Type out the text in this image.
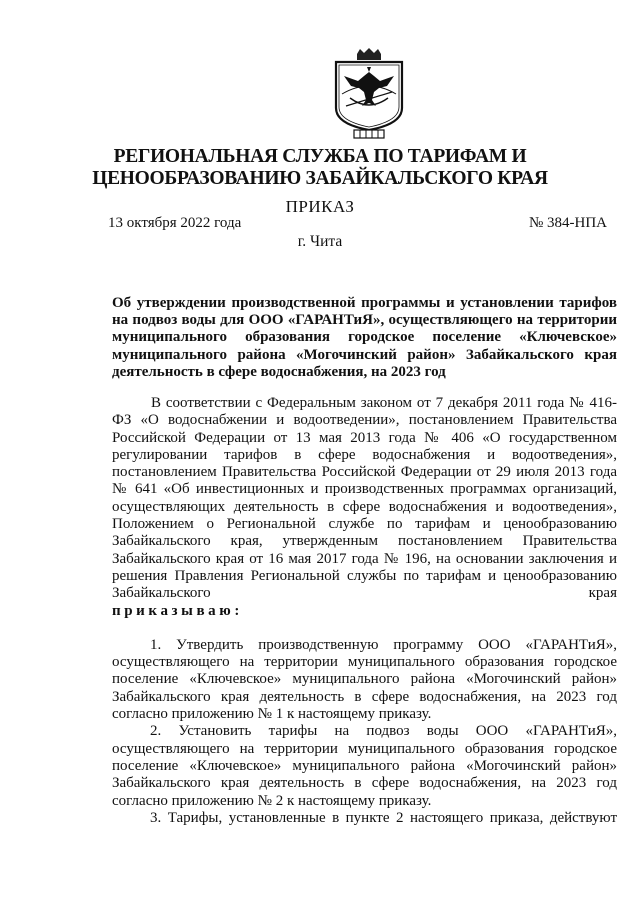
РЕГИОНАЛЬНАЯ СЛУЖБА ПО ТАРИФАМ И
ЦЕНООБРАЗОВАНИЮ ЗАБАЙКАЛЬСКОГО КРАЯ
ПРИКАЗ
13 октября 2022 года	№ 384-НПА
г. Чита

Об утверждении производственной программы и установлении тарифов на подвоз воды для ООО «ГАРАНТиЯ», осуществляющего на территории муниципального образования городское поселение «Ключевское» муниципального района «Могочинский район» Забайкальского края деятельность в сфере водоснабжения, на 2023 год

В соответствии с Федеральным законом от 7 декабря 2011 года № 416-ФЗ «О водоснабжении и водоотведении», постановлением Правительства Российской Федерации от 13 мая 2013 года № 406 «О государственном регулировании тарифов в сфере водоснабжения и водоотведения», постановлением Правительства Российской Федерации от 29 июля 2013 года № 641 «Об инвестиционных и производственных программах организаций, осуществляющих деятельность в сфере водоснабжения и водоотведения», Положением о Региональной службе по тарифам и ценообразованию Забайкальского края, утвержденным постановлением Правительства Забайкальского края от 16 мая 2017 года № 196, на основании заключения и решения Правления Региональной службы по тарифам и ценообразованию Забайкальского края

приказываю:

1. Утвердить производственную программу ООО «ГАРАНТиЯ», осуществляющего на территории муниципального образования городское поселение «Ключевское» муниципального района «Могочинский район» Забайкальского края деятельность в сфере водоснабжения, на 2023 год согласно приложению № 1 к настоящему приказу.

2. Установить тарифы на подвоз воды ООО «ГАРАНТиЯ», осуществляющего на территории муниципального образования городское поселение «Ключевское» муниципального района «Могочинский район» Забайкальского края деятельность в сфере водоснабжения, на 2023 год согласно приложению № 2 к настоящему приказу.

3. Тарифы, установленные в пункте 2 настоящего приказа, действуют
